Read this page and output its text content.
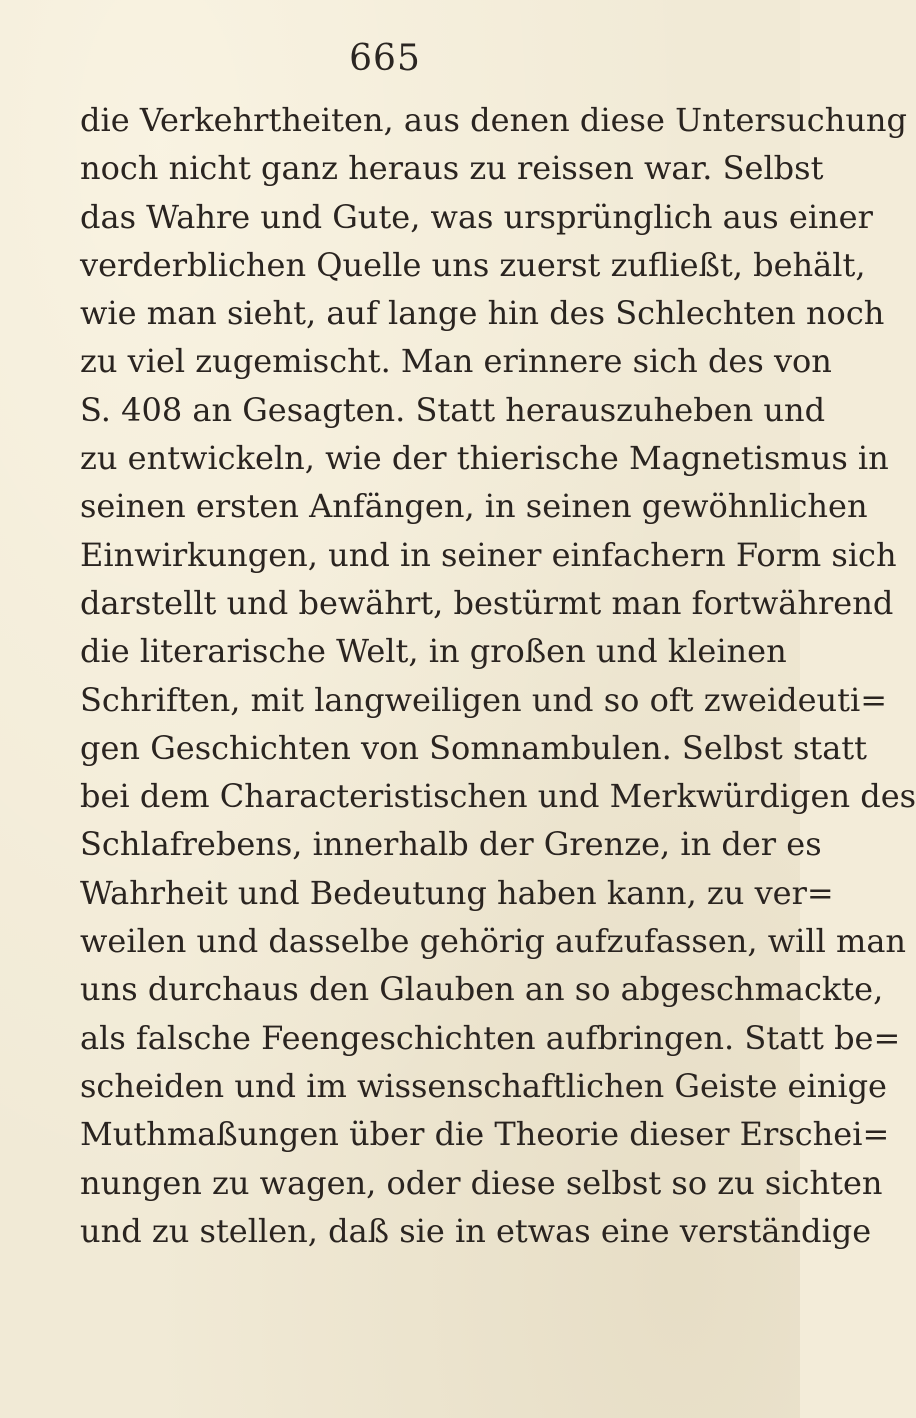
665
die Verkehrtheiten, aus denen diese Untersuchung
noch nicht ganz heraus zu reissen war. Selbst
das Wahre und Gute, was ursprünglich aus einer
verderblichen Quelle uns zuerst zufließt, behält,
wie man sieht, auf lange hin des Schlechten noch
zu viel zugemischt. Man erinnere sich des von
S. 408 an Gesagten. Statt herauszuheben und
zu entwickeln, wie der thierische Magnetismus in
seinen ersten Anfängen, in seinen gewöhnlichen
Einwirkungen, und in seiner einfachern Form sich
darstellt und bewährt, bestürmt man fortwährend
die literarische Welt, in großen und kleinen
Schriften, mit langweiligen und so oft zweideuti=
gen Geschichten von Somnambulen. Selbst statt
bei dem Characteristischen und Merkwürdigen des
Schlafrebens, innerhalb der Grenze, in der es
Wahrheit und Bedeutung haben kann, zu ver=
weilen und dasselbe gehörig aufzufassen, will man
uns durchaus den Glauben an so abgeschmackte,
als falsche Feengeschichten aufbringen. Statt be=
scheiden und im wissenschaftlichen Geiste einige
Muthmaßungen über die Theorie dieser Erschei=
nungen zu wagen, oder diese selbst so zu sichten
und zu stellen, daß sie in etwas eine verständige
